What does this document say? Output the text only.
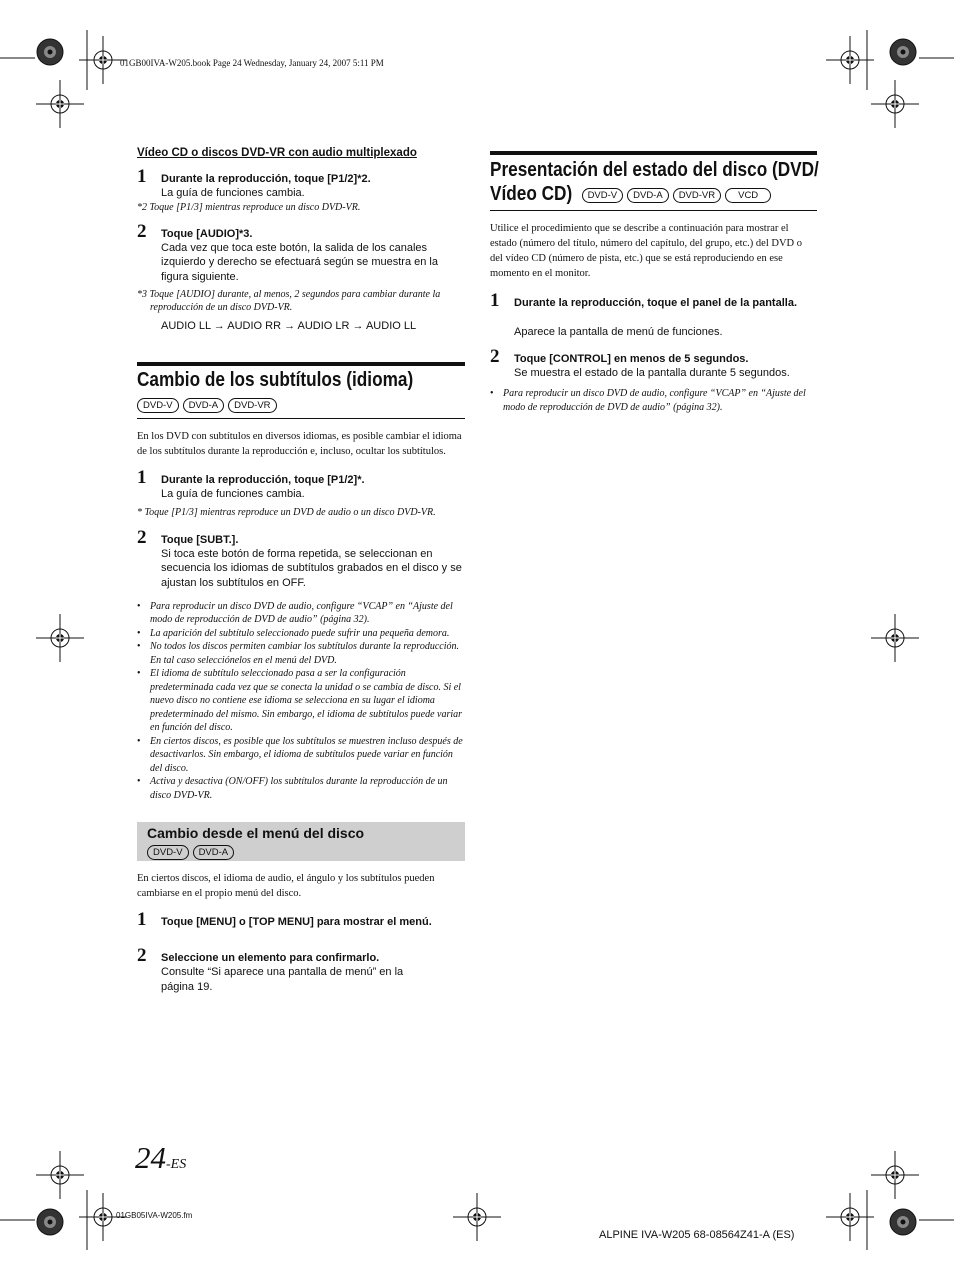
01GB00IVA-W205.book Page 24 Wednesday, January 24, 2007 5:11 PM
Vídeo CD o discos DVD-VR con audio multiplexado
1 Durante la reproducción, toque [P1/2]*2.
La guía de funciones cambia.
*2 Toque [P1/3] mientras reproduce un disco DVD-VR.
2 Toque [AUDIO]*3.
Cada vez que toca este botón, la salida de los canales izquierdo y derecho se efectuará según se muestra en la figura siguiente.
*3 Toque [AUDIO] durante, al menos, 2 segundos para cambiar durante la reproducción de un disco DVD-VR.
AUDIO LL → AUDIO RR → AUDIO LR → AUDIO LL
Cambio de los subtítulos (idioma)
DVD-V DVD-A DVD-VR
En los DVD con subtítulos en diversos idiomas, es posible cambiar el idioma de los subtítulos durante la reproducción e, incluso, ocultar los subtítulos.
1 Durante la reproducción, toque [P1/2]*.
La guía de funciones cambia.
* Toque [P1/3] mientras reproduce un DVD de audio o un disco DVD-VR.
2 Toque [SUBT.].
Si toca este botón de forma repetida, se seleccionan en secuencia los idiomas de subtítulos grabados en el disco y se ajustan los subtítulos en OFF.
• Para reproducir un disco DVD de audio, configure “VCAP” en “Ajuste del modo de reproducción de DVD de audio” (página 32).
• La aparición del subtítulo seleccionado puede sufrir una pequeña demora.
• No todos los discos permiten cambiar los subtítulos durante la reproducción. En tal caso selecciónelos en el menú del DVD.
• El idioma de subtítulo seleccionado pasa a ser la configuración predeterminada cada vez que se conecta la unidad o se cambia de disco. Si el nuevo disco no contiene ese idioma se selecciona en su lugar el idioma predeterminado del mismo. Sin embargo, el idioma de subtítulos puede variar en función del disco.
• En ciertos discos, es posible que los subtítulos se muestren incluso después de desactivarlos. Sin embargo, el idioma de subtítulos puede variar en función del disco.
• Activa y desactiva (ON/OFF) los subtítulos durante la reproducción de un disco DVD-VR.
Cambio desde el menú del disco
DVD-V DVD-A
En ciertos discos, el idioma de audio, el ángulo y los subtítulos pueden cambiarse en el propio menú del disco.
1 Toque [MENU] o [TOP MENU] para mostrar el menú.
2 Seleccione un elemento para confirmarlo.
Consulte “Si aparece una pantalla de menú” en la página 19.
Presentación del estado del disco (DVD/
Vídeo CD) DVD-V DVD-A DVD-VR VCD
Utilice el procedimiento que se describe a continuación para mostrar el estado (número del título, número del capítulo, del grupo, etc.) del DVD o del vídeo CD (número de pista, etc.) que se está reproduciendo en ese momento en el monitor.
1 Durante la reproducción, toque el panel de la pantalla.
Aparece la pantalla de menú de funciones.
2 Toque [CONTROL] en menos de 5 segundos.
Se muestra el estado de la pantalla durante 5 segundos.
• Para reproducir un disco DVD de audio, configure “VCAP” en “Ajuste del modo de reproducción de DVD de audio” (página 32).
24-ES
01GB05IVA-W205.fm
ALPINE IVA-W205 68-08564Z41-A (ES)
